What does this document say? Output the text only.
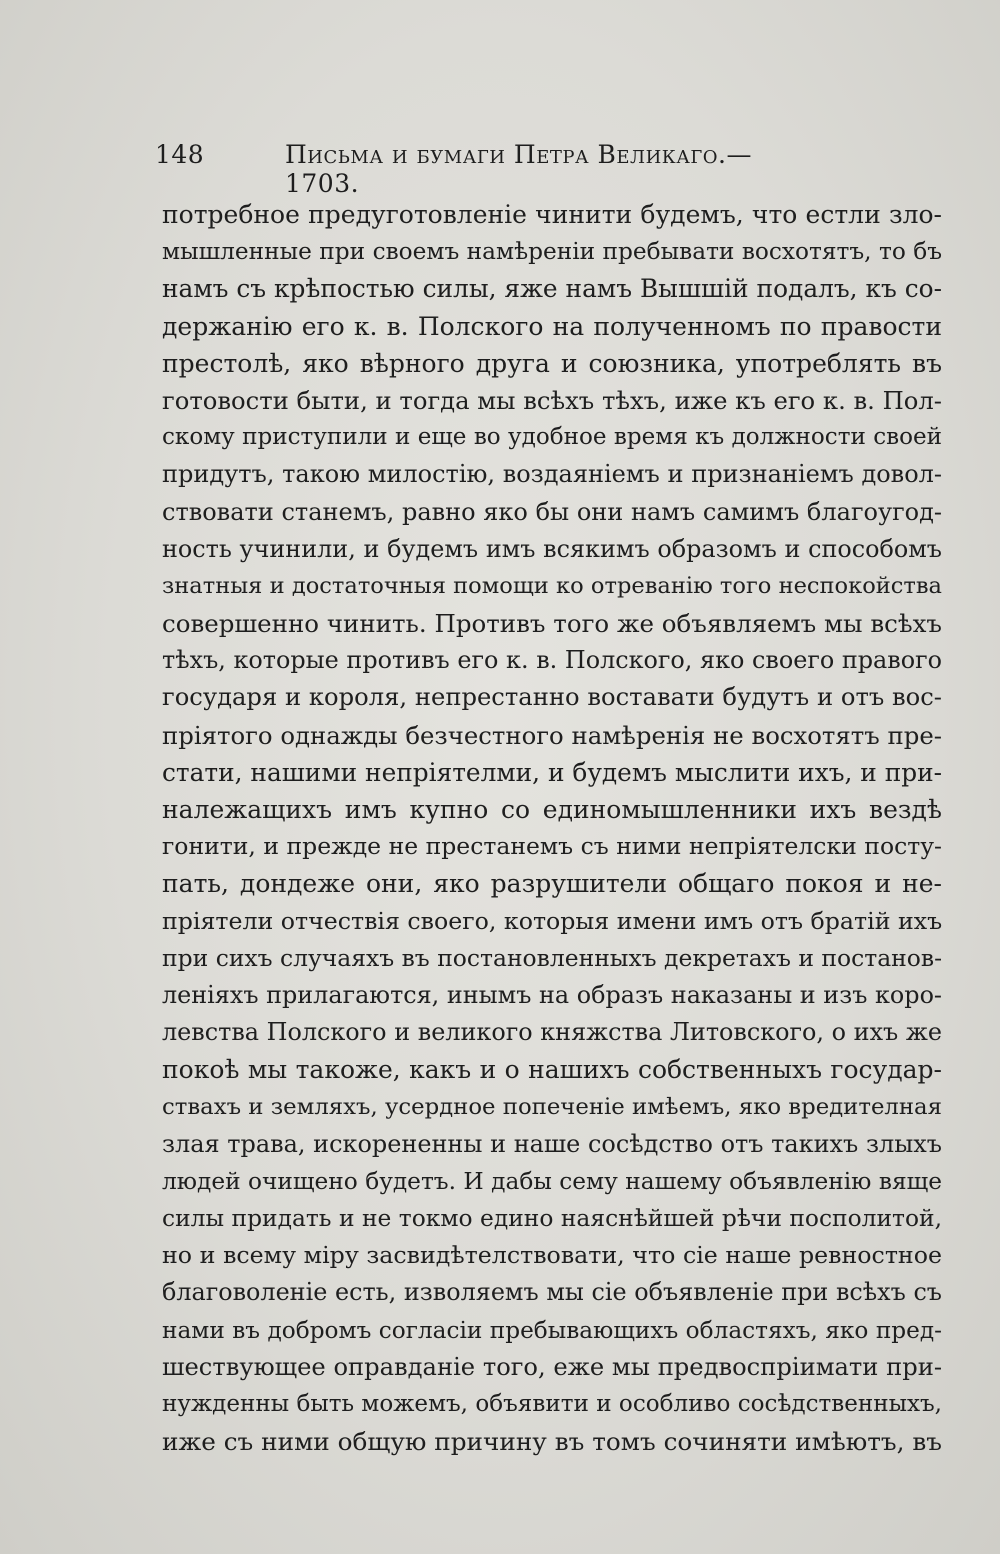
148	Письма и бумаги Петра Великаго.—1703.
потребное предуготовленіе чинити будемъ, что естли зло-
мышленные при своемъ намѣреніи пребывати восхотятъ, то бъ
намъ съ крѣпостью силы, яже намъ Вышшій подалъ, къ со-
держанію его к. в. Полского на полученномъ по правости
престолѣ, яко вѣрного друга и союзника, употреблять въ
готовости быти, и тогда мы всѣхъ тѣхъ, иже къ его к. в. Пол-
скому приступили и еще во удобное время къ должности своей
придутъ, такою милостію, воздаяніемъ и признаніемъ довол-
ствовати станемъ, равно яко бы они намъ самимъ благоугод-
ность учинили, и будемъ имъ всякимъ образомъ и способомъ
знатныя и достаточныя помощи ко отреванію того неспокойства
совершенно чинить. Противъ того же объявляемъ мы всѣхъ
тѣхъ, которые противъ его к. в. Полского, яко своего правого
государя и короля, непрестанно воставати будутъ и отъ вос-
пріятого однажды безчестного намѣренія не восхотятъ пре-
стати, нашими непріятелми, и будемъ мыслити ихъ, и при-
належащихъ имъ купно со единомышленники ихъ вездѣ
гонити, и прежде не престанемъ съ ними непріятелски посту-
пать, дондеже они, яко разрушители общаго покоя и не-
пріятели отчествія своего, которыя имени имъ отъ братій ихъ
при сихъ случаяхъ въ постановленныхъ декретахъ и постанов-
леніяхъ прилагаются, инымъ на образъ наказаны и изъ коро-
левства Полского и великого княжства Литовского, о ихъ же
покоѣ мы такоже, какъ и о нашихъ собственныхъ государ-
ствахъ и земляхъ, усердное попеченіе имѣемъ, яко вредителная
злая трава, искорененны и наше сосѣдство отъ такихъ злыхъ
людей очищено будетъ. И дабы сему нашему объявленію вяще
силы придать и не токмо едино наяснѣйшей рѣчи посполитой,
но и всему міру засвидѣтелствовати, что сіе наше ревностное
благоволеніе есть, изволяемъ мы сіе объявленіе при всѣхъ съ
нами въ добромъ согласіи пребывающихъ областяхъ, яко пред-
шествующее оправданіе того, еже мы предвоспріимати при-
нужденны быть можемъ, объявити и особливо сосѣдственныхъ,
иже съ ними общую причину въ томъ сочиняти имѣютъ, въ
